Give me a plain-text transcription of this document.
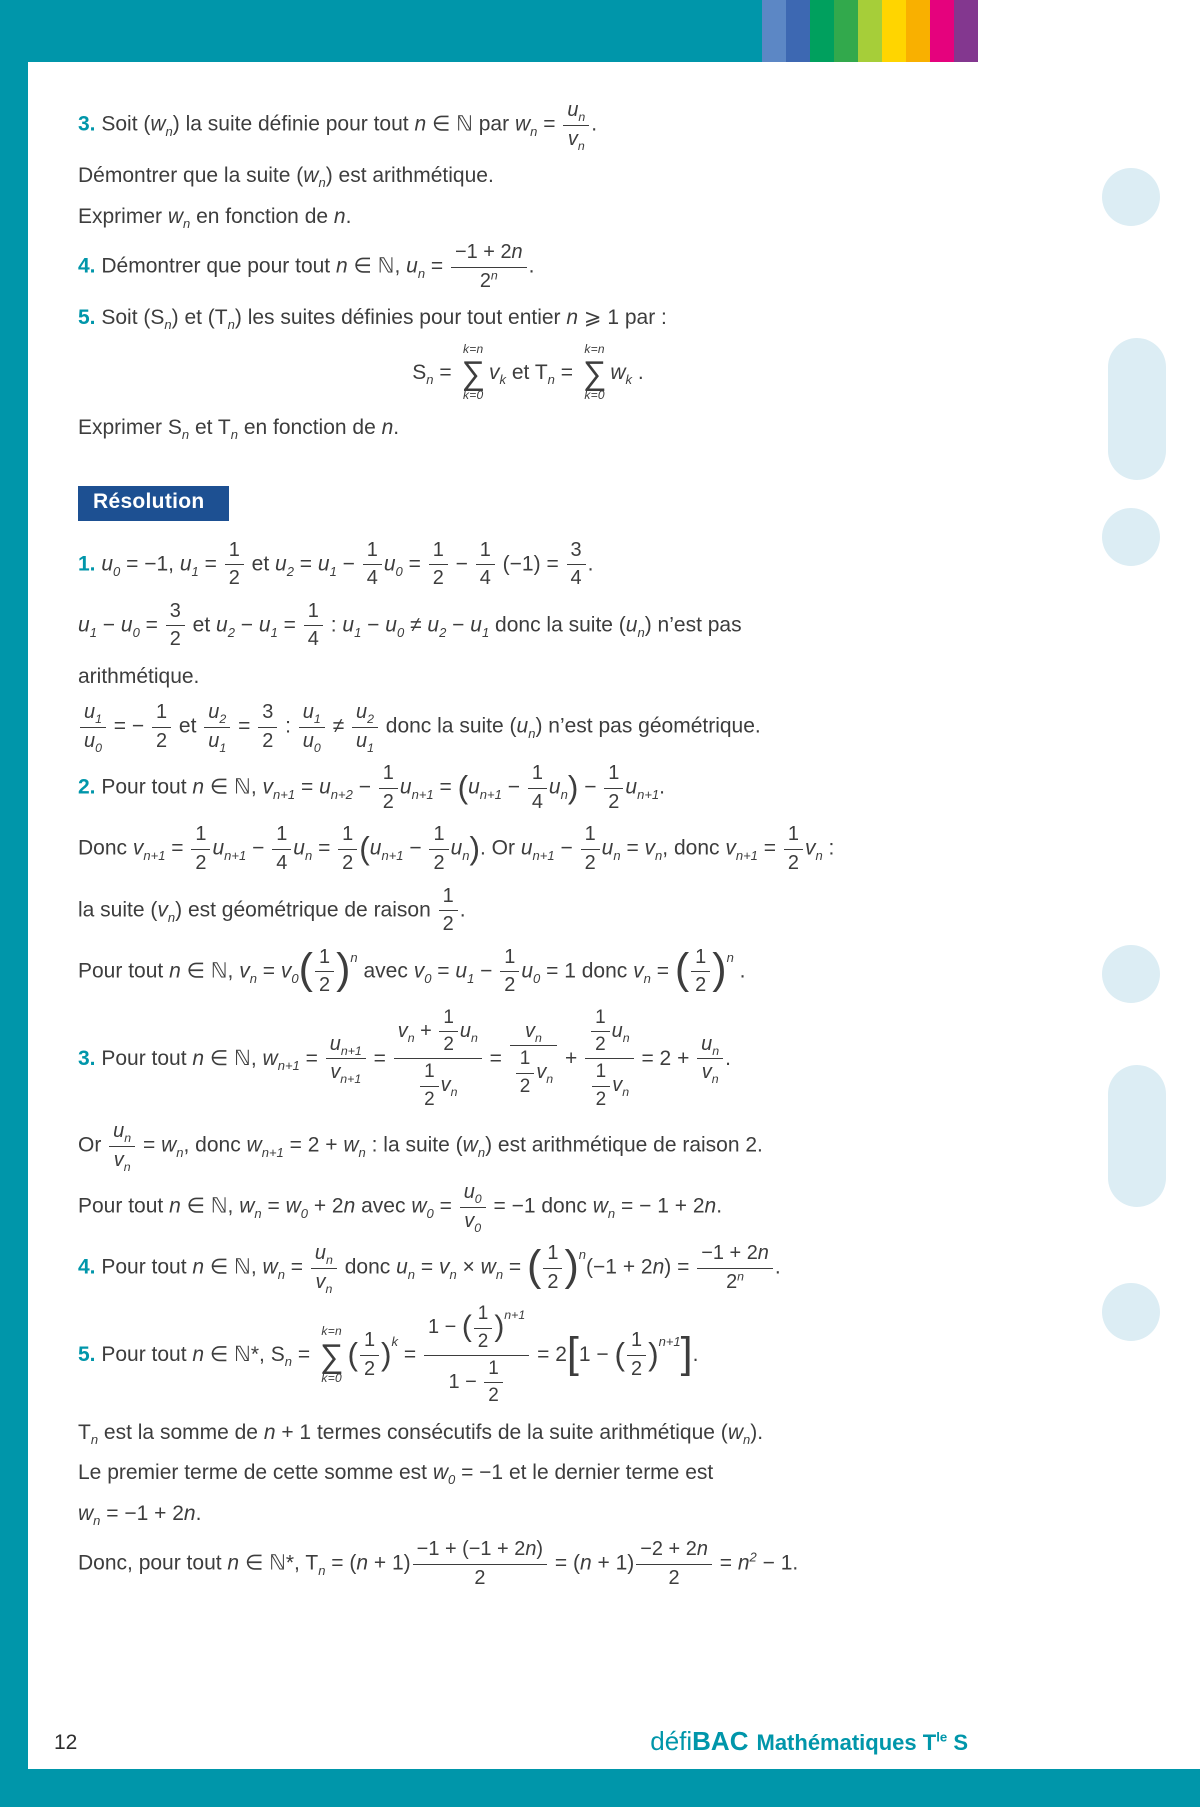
3. Soit $(w_n)$ la suite définie pour tout n ∈ ℕ par $w_n = \frac{u_n}{v_n}$ .
Démontrer que la suite $(w_n)$ est arithmétique.
Exprimer $w_n$ en fonction de n.
4. Démontrer que pour tout n ∈ ℕ, $u_n = \frac{-1 + 2n}{2^n}$ .
5. Soit $(S_n)$ et $(T_n)$ les suites définies pour tout entier n ⩾ 1 par :
$S_n$ =
k=n
∑
k=0
$v_k$ et $T_n$ =
k=n
∑
k=0
$w_k$ .
Exprimer $S_n$ et $T_n$ en fonction de n.
Résolution
1. $u_0 = -1$, $u_1 = \frac{1}{2}$ et $u_2 = u_1 - \frac{1}{4} u_0 = \frac{1}{2} - \frac{1}{4} (-1) = \frac{3}{4}$ .
$u_1 - u_0 = \frac{3}{2}$ et $u_2 - u_1 = \frac{1}{4}$ : $u_1 - u_0 \ne u_2 - u_1$ donc la suite $(u_n)$ n’est pas
arithmétique.
$\frac{u_1}{u_0}$ = − $\frac{1}{2}$ et $\frac{u_2}{u_1} = \frac{3}{2}$ : $\frac{u_1}{u_0} \ne \frac{u_2}{u_1}$ donc la suite $(u_n)$ n’est pas géométrique.
2. Pour tout n ∈ ℕ, $v_{n+1} = u_{n+2} - \frac{1}{2} u_{n+1} = (u_{n+1} - \frac{1}{4} u_n) - \frac{1}{2} u_{n+1}$.
Donc $v_{n+1} = \frac{1}{2} u_{n+1} - \frac{1}{4} u_n = \frac{1}{2} (u_{n+1} - \frac{1}{2} u_n)$. Or $u_{n+1} - \frac{1}{2} u_n = v_n$, donc $v_{n+1} = \frac{1}{2} v_n$ :
la suite $(v_n)$ est géométrique de raison $\frac{1}{2}$ .
Pour tout n ∈ ℕ, $v_n = v_0( \frac{1}{2} )^n$ avec $v_0 = u_1 - \frac{1}{2} u_0 = 1$ donc $v_n$ = ( $\frac{1}{2} )^n$ .
3. Pour tout n ∈ ℕ, $w_{n+1} = \frac{u_{n+1}}{v_{n+1}} = \frac{v_n + \frac{1}{2} u_n}{\frac{1}{2} v_n} = \frac{v_n}{\frac{1}{2} v_n} + \frac{\frac{1}{2} u_n}{\frac{1}{2} v_n} = 2 + \frac{u_n}{v_n}$ .
Or $\frac{u_n}{v_n} = w_n$, donc $w_{n+1} = 2 + w_n$ : la suite $(w_n)$ est arithmétique de raison 2.
Pour tout n ∈ ℕ, $w_n = w_0 + 2n$ avec $w_0 = \frac{u_0}{v_0} = -1$ donc $w_n$ = − 1 + 2n.
4. Pour tout n ∈ ℕ, $w_n = \frac{u_n}{v_n}$ donc $u_n = v_n \times w_n$ = ( $\frac{1}{2} )^n(-1 + 2n) = \frac{-1 + 2n}{2^n}$ .
5. Pour tout n ∈ ℕ*, $S_n$ =
k=n
∑
k=0
( $\frac{1}{2} )^k = \frac{1 - ( \frac{1}{2} )^{n+1}}{1 - \frac{1}{2}} = 2[1$ − ( $\frac{1}{2} )^{n+1}$].
$T_n$ est la somme de n + 1 termes consécutifs de la suite arithmétique $(w_n)$.
Le premier terme de cette somme est $w_0 = -1$ et le dernier terme est
$w_n = -1 + 2n$.
Donc, pour tout n ∈ ℕ*, $T_n = (n + 1) \frac{-1 + (-1 + 2n)}{2} = (n + 1) \frac{-2 + 2n}{2} = n^2 - 1$.
12	défiBAC Mathématiques $T^{le}$ S
